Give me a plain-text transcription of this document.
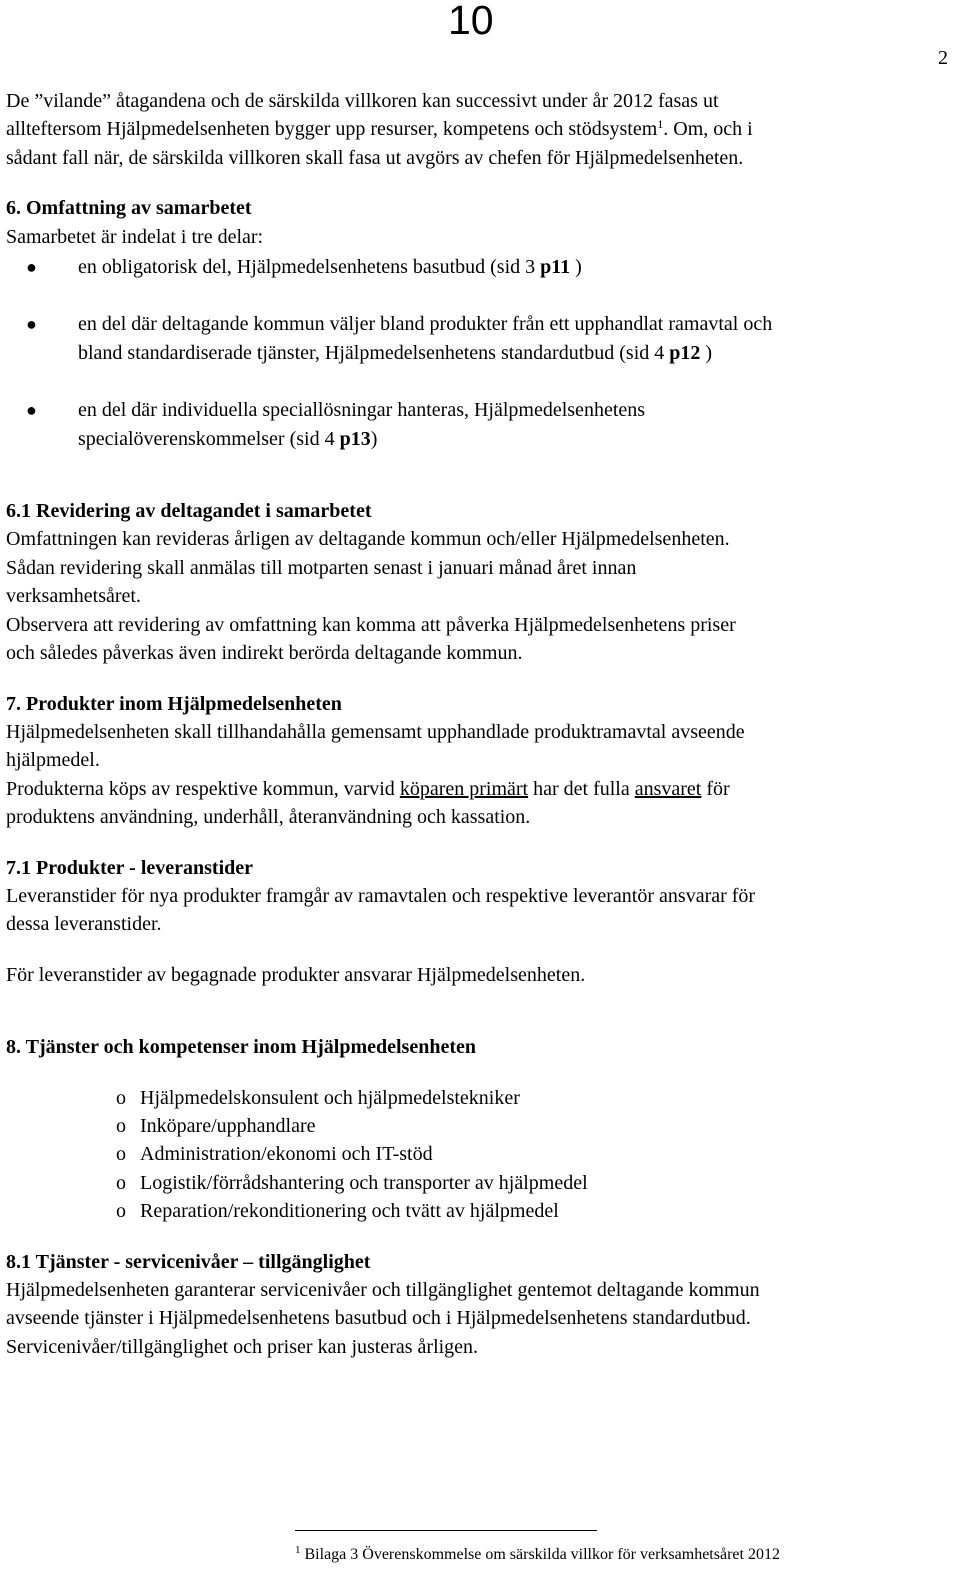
10
2

De ”vilande” åtagandena och de särskilda villkoren kan successivt under år 2012 fasas ut

allteftersom Hjälpmedelsenheten bygger upp resurser, kompetens och stödsystem$^1$. Om, och i

sådant fall när, de särskilda villkoren skall fasa ut avgörs av chefen för Hjälpmedelsenheten.

6. Omfattning av samarbetet

Samarbetet är indelat i tre delar:

● en obligatorisk del, Hjälpmedelsenhetens basutbud (sid 3 p11 )
● en del där deltagande kommun väljer bland produkter från ett upphandlat ramavtal och
bland standardiserade tjänster, Hjälpmedelsenhetens standardutbud (sid 4 p12 )
● en del där individuella speciallösningar hanteras, Hjälpmedelsenhetens
specialöverenskommelser (sid 4 p13)
6.1 Revidering av deltagandet i samarbetet

Omfattningen kan revideras årligen av deltagande kommun och/eller Hjälpmedelsenheten.

Sådan revidering skall anmälas till motparten senast i januari månad året innan

verksamhetsåret.

Observera att revidering av omfattning kan komma att påverka Hjälpmedelsenhetens priser

och således påverkas även indirekt berörda deltagande kommun.

7. Produkter inom Hjälpmedelsenheten

Hjälpmedelsenheten skall tillhandahålla gemensamt upphandlade produktramavtal avseende

hjälpmedel.

Produkterna köps av respektive kommun, varvid köparen primärt har det fulla ansvaret för

produktens användning, underhåll, återanvändning och kassation.

7.1 Produkter - leveranstider

Leveranstider för nya produkter framgår av ramavtalen och respektive leverantör ansvarar för

dessa leveranstider.

För leveranstider av begagnade produkter ansvarar Hjälpmedelsenheten.

8. Tjänster och kompetenser inom Hjälpmedelsenheten
o Hjälpmedelskonsulent och hjälpmedelstekniker
o Inköpare/upphandlare
o Administration/ekonomi och IT-stöd
o Logistik/förrådshantering och transporter av hjälpmedel
o Reparation/rekonditionering och tvätt av hjälpmedel
8.1 Tjänster - servicenivåer – tillgänglighet

Hjälpmedelsenheten garanterar servicenivåer och tillgänglighet gentemot deltagande kommun

avseende tjänster i Hjälpmedelsenhetens basutbud och i Hjälpmedelsenhetens standardutbud.

Servicenivåer/tillgänglighet och priser kan justeras årligen.

$^1$ Bilaga 3 Överenskommelse om särskilda villkor för verksamhetsåret 2012
